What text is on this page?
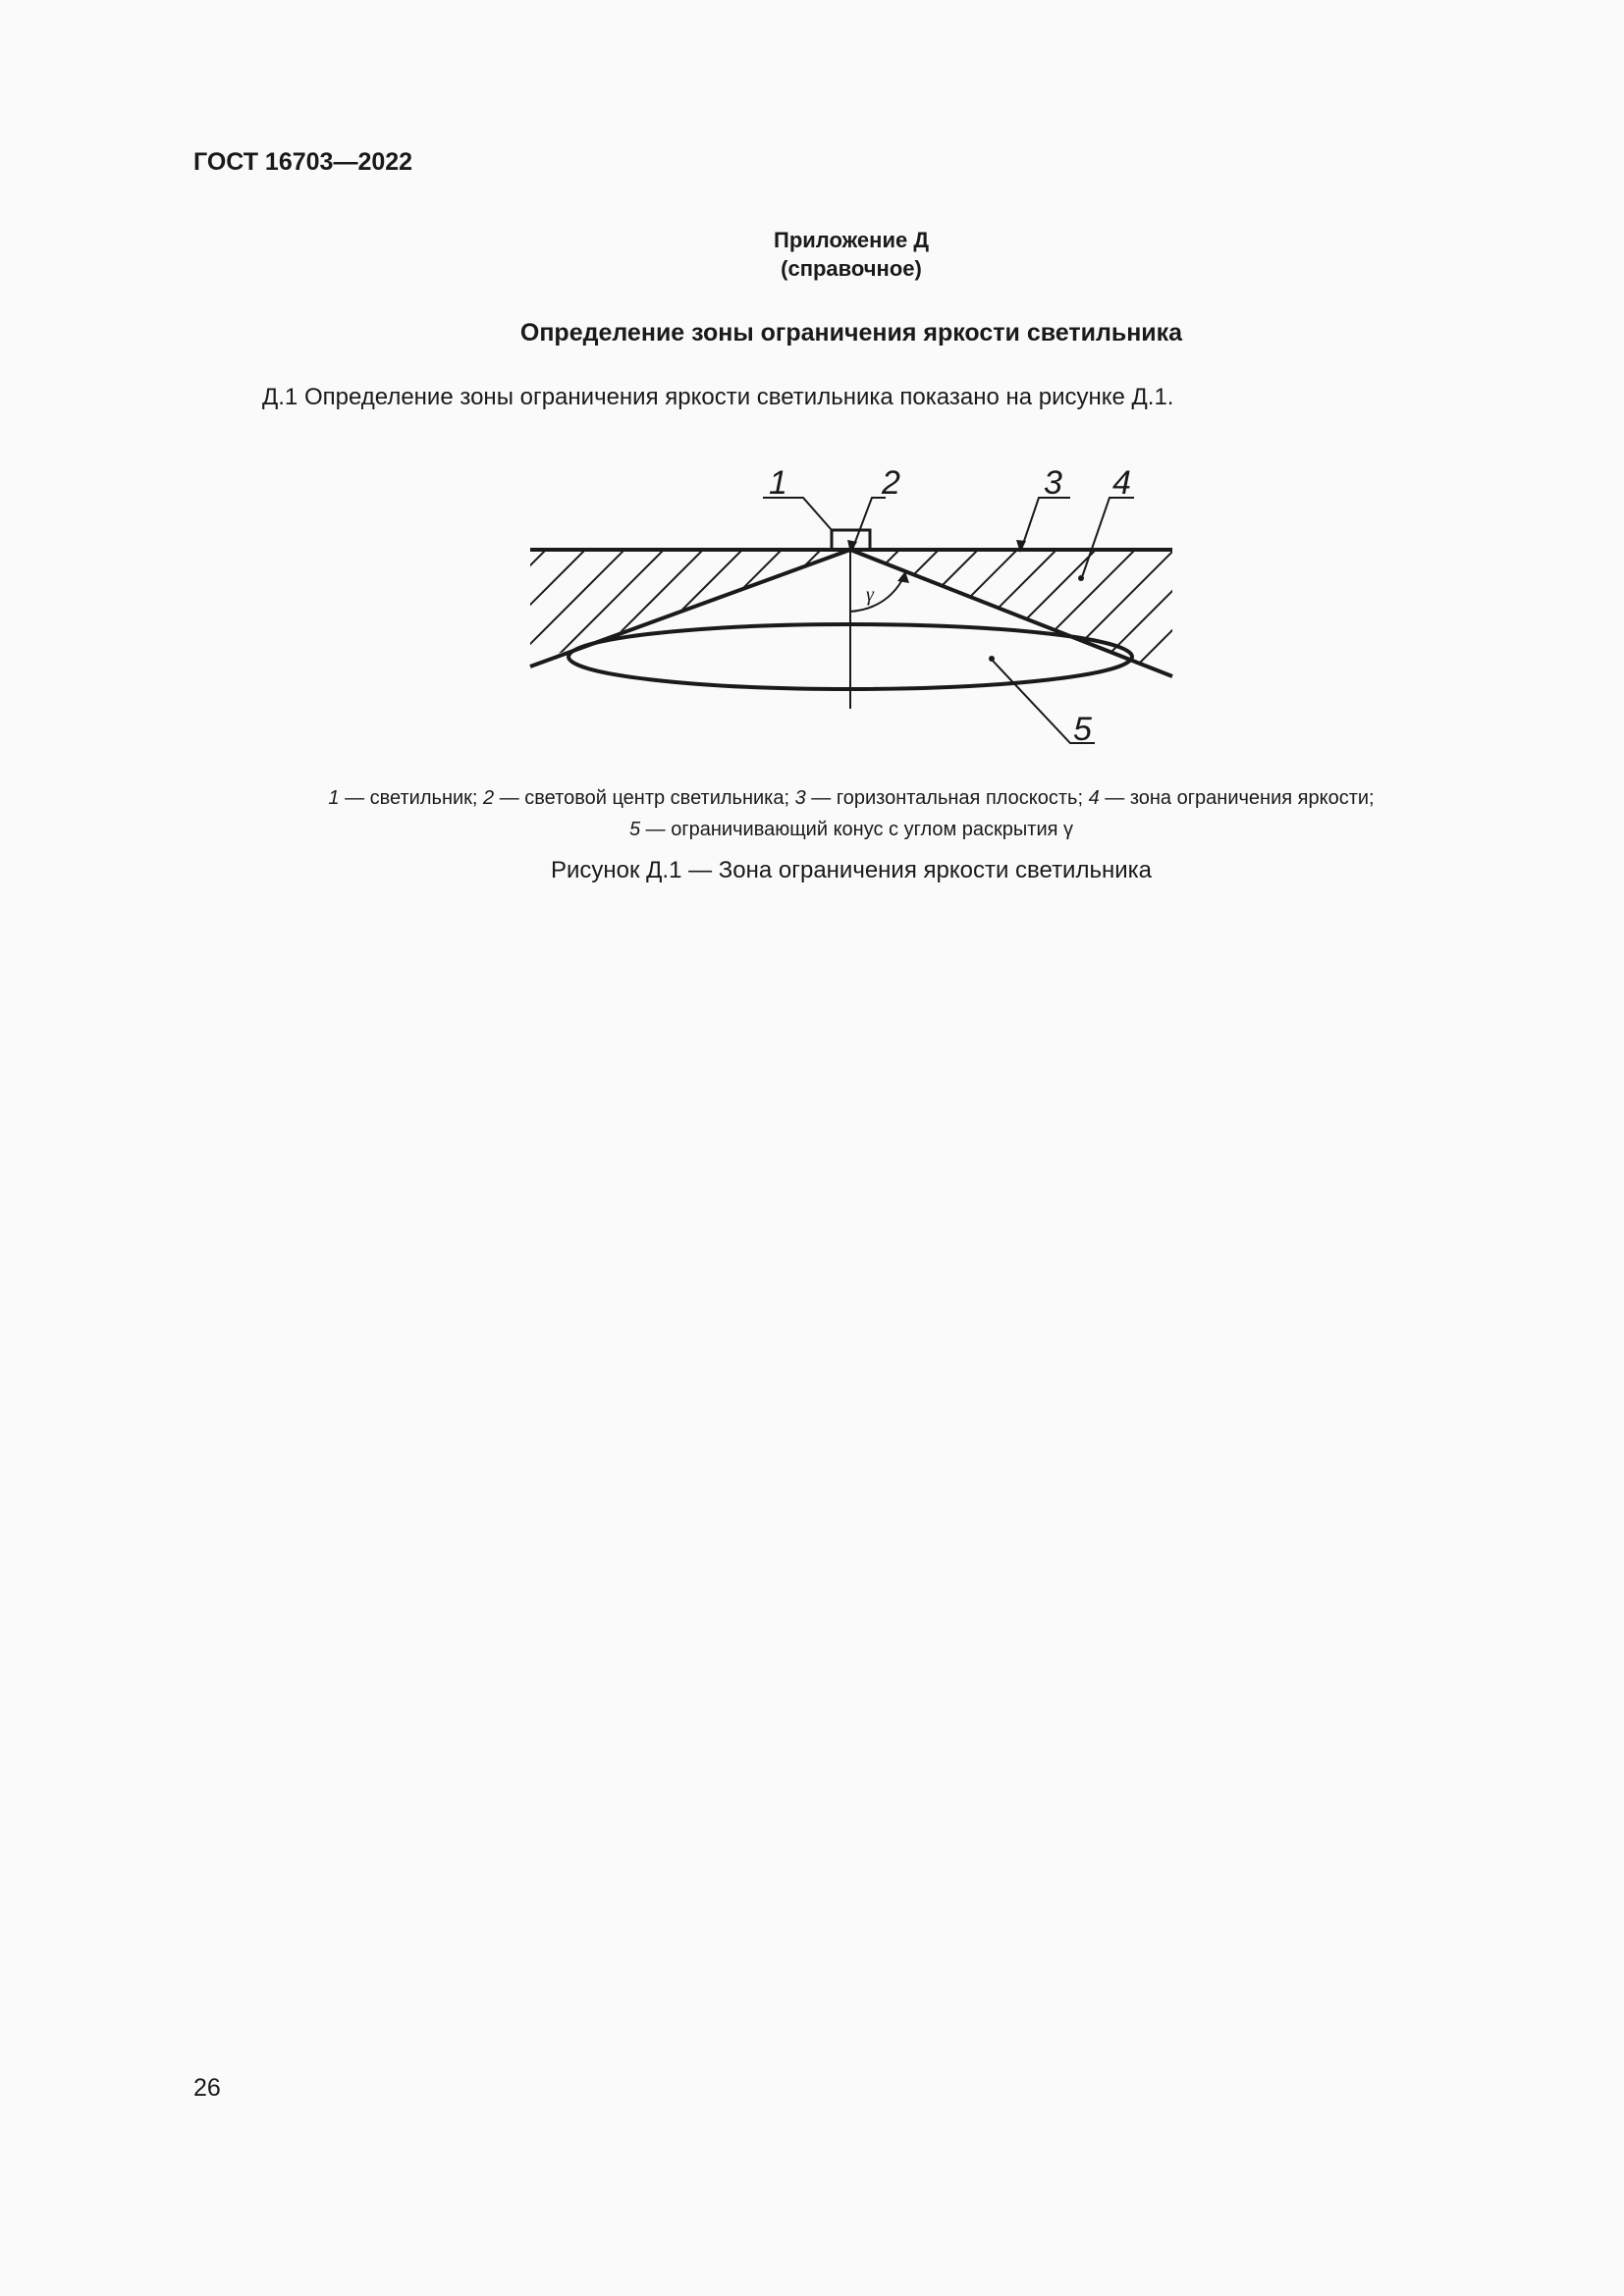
ГОСТ 16703—2022
Приложение Д
(справочное)
Определение зоны ограничения яркости светильника
Д.1 Определение зоны ограничения яркости светильника показано на рисунке Д.1.
γ
1	2	3 4
5
1 — светильник; 2 — световой центр светильника; 3 — горизонтальная плоскость; 4 — зона ограничения яркости;
5 — ограничивающий конус с углом раскрытия γ
Рисунок Д.1 — Зона ограничения яркости светильника
26
